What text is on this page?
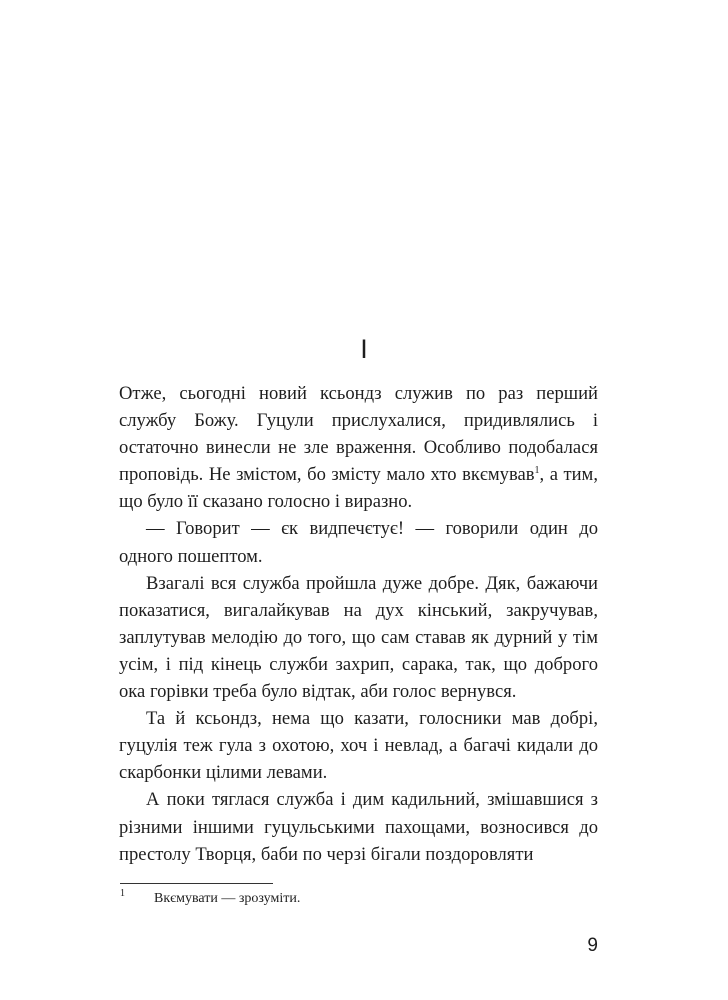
I

Отже, сьогодні новий ксьондз служив по раз перший службу Божу. Гуцули прислухалися, придивлялись і остаточно винесли не зле враження. Особливо подобалася проповідь. Не змістом, бо змісту мало хто вкємував$^1$, а тим, що було її сказано голосно і виразно.

— Говорит — єк видпечєтує! — говорили один до одного пошептом.

Взагалі вся служба пройшла дуже добре. Дяк, бажаючи показатися, вигалайкував на дух кінський, закручував, заплутував мелодію до того, що сам ставав як дурний у тім усім, і під кінець служби захрип, сарака, так, що доброго ока горівки треба було відтак, аби голос вернувся.

Та й ксьондз, нема що казати, голосники мав добрі, гуцулія теж гула з охотою, хоч і невлад, а багачі кидали до скарбонки цілими левами.

А поки тяглася служба і дим кадильний, змішавшися з різними іншими гуцульськими пахощами, возносився до престолу Творця, баби по черзі бігали поздоровляти

1 Вкємувати — зрозуміти.
9
